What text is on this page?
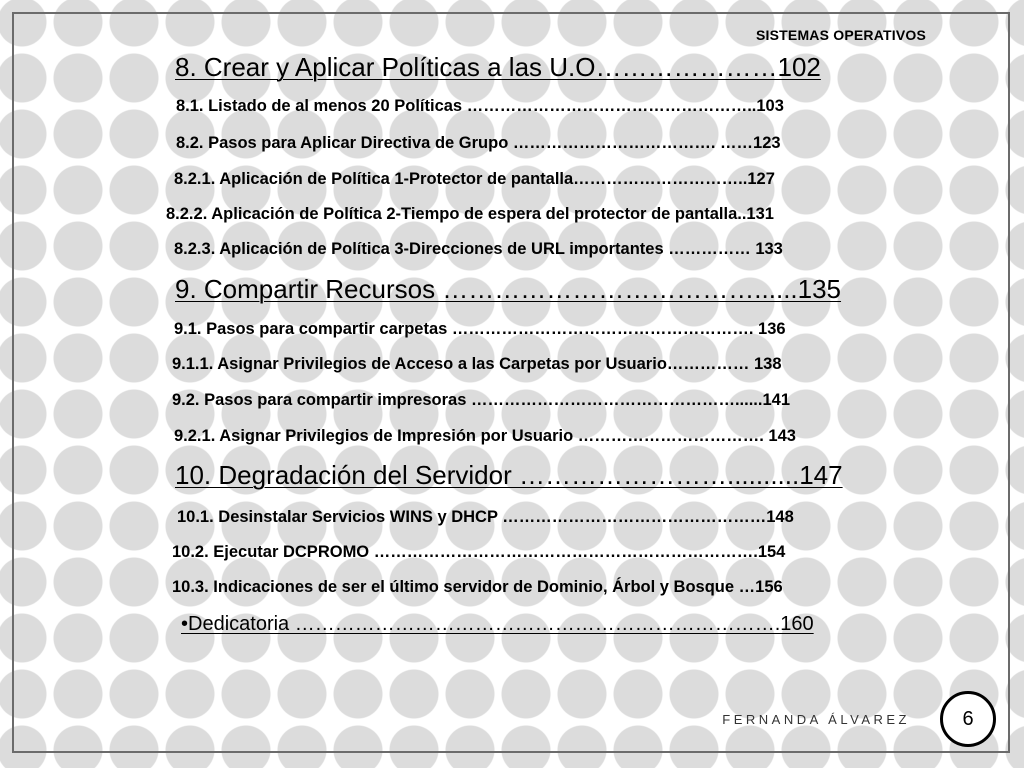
SISTEMAS OPERATIVOS
8. Crear y Aplicar Políticas a las U.O…………………102
8.1. Listado de al menos 20 Políticas ……………………………………………..103
8.2. Pasos para Aplicar Directiva de Grupo ………………………………. ……123
8.2.1. Aplicación de Política 1-Protector de pantalla…………………………..127
8.2.2. Aplicación de Política 2-Tiempo de espera del protector de pantalla..131
8.2.3. Aplicación de Política 3-Direcciones de URL importantes …………… 133
9. Compartir Recursos ………………………………......135
9.1. Pasos para compartir carpetas ………………………………………………. 136
9.1.1. Asignar Privilegios de Acceso a las Carpetas por Usuario…………… 138
9.2. Pasos para compartir impresoras …………………………………………......141
9.2.1. Asignar Privilegios de Impresión por Usuario ……………………………. 143
10. Degradación del Servidor ……………………..........147
10.1. Desinstalar Servicios WINS y DHCP …………………………………………148
10.2. Ejecutar DCPROMO …………………………………………………………….154
10.3. Indicaciones de ser el último servidor de Dominio, Árbol y Bosque …156
•Dedicatoria ……………………………………………………………….160
FERNANDA ÁLVAREZ	6
